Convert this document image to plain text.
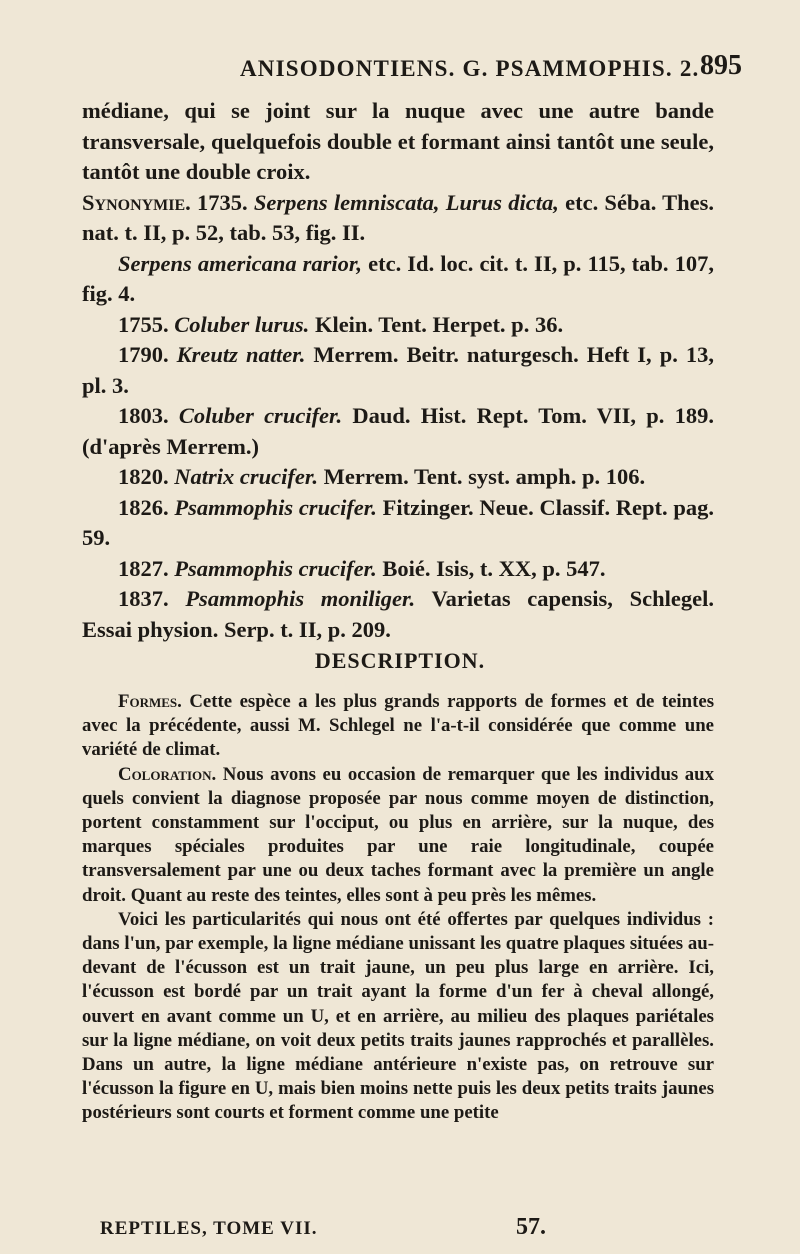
ANISODONTIENS. G. PSAMMOPHIS. 2. 895

médiane, qui se joint sur la nuque avec une autre bande transversale, quelquefois double et formant ainsi tantôt une seule, tantôt une double croix.

Synonymie. 1735. Serpens lemniscata, Lurus dicta, etc. Séba. Thes. nat. t. II, p. 52, tab. 53, fig. II.

Serpens americana rarior, etc. Id. loc. cit. t. II, p. 115, tab. 107, fig. 4.

1755. Coluber lurus. Klein. Tent. Herpet. p. 36.

1790. Kreutz natter. Merrem. Beitr. naturgesch. Heft I, p. 13, pl. 3.

1803. Coluber crucifer. Daud. Hist. Rept. Tom. VII, p. 189. (d'après Merrem.)

1820. Natrix crucifer. Merrem. Tent. syst. amph. p. 106.

1826. Psammophis crucifer. Fitzinger. Neue. Classif. Rept. pag. 59.

1827. Psammophis crucifer. Boié. Isis, t. XX, p. 547.

1837. Psammophis moniliger. Varietas capensis, Schlegel. Essai physion. Serp. t. II, p. 209.

DESCRIPTION.

Formes. Cette espèce a les plus grands rapports de formes et de teintes avec la précédente, aussi M. Schlegel ne l'a-t-il considérée que comme une variété de climat.

Coloration. Nous avons eu occasion de remarquer que les individus aux quels convient la diagnose proposée par nous comme moyen de distinction, portent constamment sur l'occiput, ou plus en arrière, sur la nuque, des marques spéciales produites par une raie longitudinale, coupée transversalement par une ou deux taches formant avec la première un angle droit. Quant au reste des teintes, elles sont à peu près les mêmes.

Voici les particularités qui nous ont été offertes par quelques individus : dans l'un, par exemple, la ligne médiane unissant les quatre plaques situées au-devant de l'écusson est un trait jaune, un peu plus large en arrière. Ici, l'écusson est bordé par un trait ayant la forme d'un fer à cheval allongé, ouvert en avant comme un U, et en arrière, au milieu des plaques pariétales sur la ligne médiane, on voit deux petits traits jaunes rapprochés et parallèles. Dans un autre, la ligne médiane antérieure n'existe pas, on retrouve sur l'écusson la figure en U, mais bien moins nette puis les deux petits traits jaunes postérieurs sont courts et forment comme une petite

REPTILES, TOME VII.	57.
